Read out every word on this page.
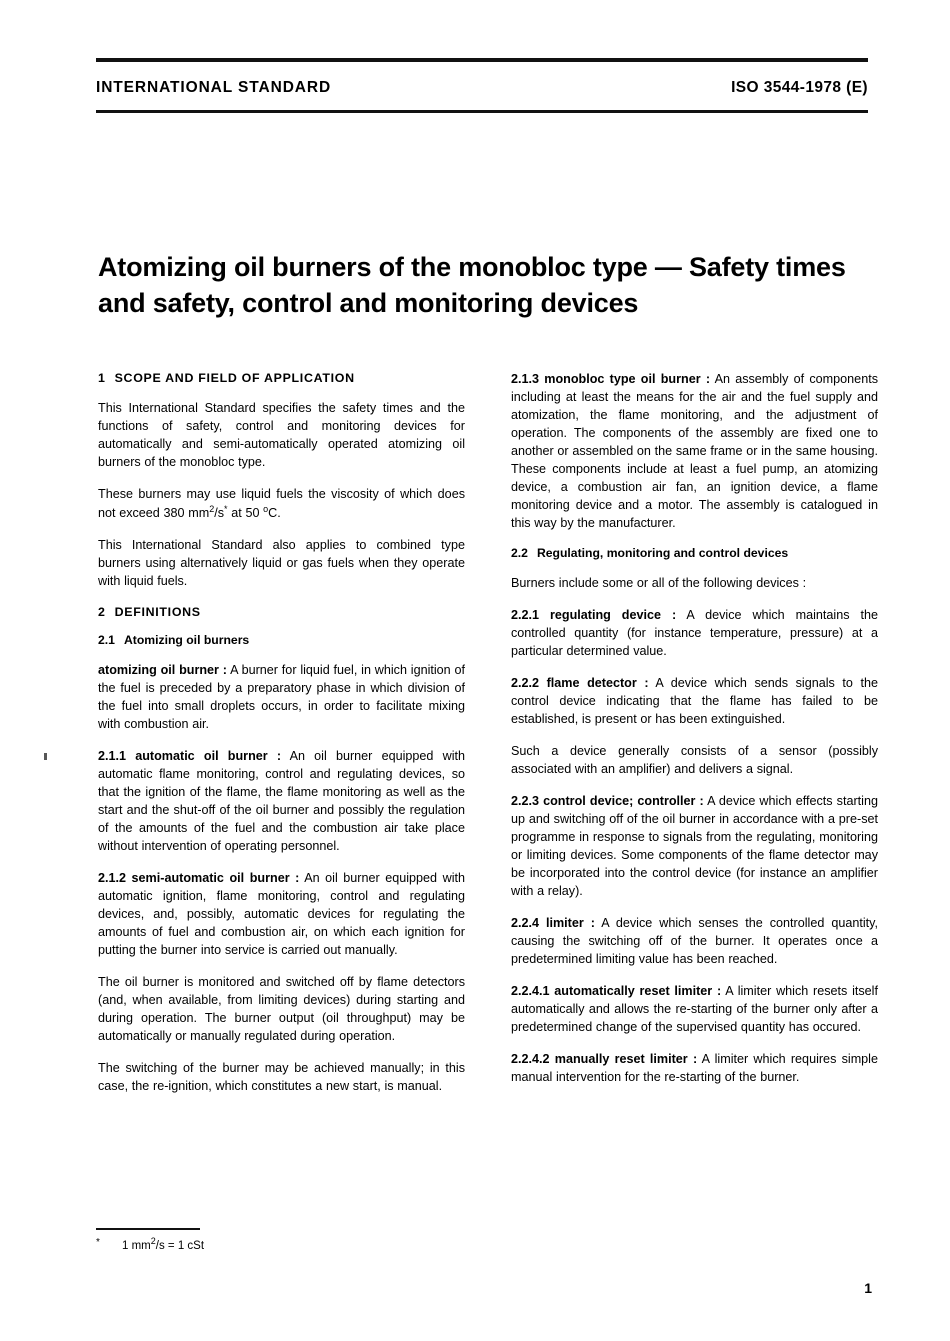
INTERNATIONAL STANDARD	ISO 3544-1978 (E)
Atomizing oil burners of the monobloc type — Safety times and safety, control and monitoring devices
1 SCOPE AND FIELD OF APPLICATION

This International Standard specifies the safety times and the functions of safety, control and monitoring devices for automatically and semi-automatically operated atomizing oil burners of the monobloc type.

These burners may use liquid fuels the viscosity of which does not exceed 380 $mm^2/s^*$ at 50 $^o$C.

This International Standard also applies to combined type burners using alternatively liquid or gas fuels when they operate with liquid fuels.

2 DEFINITIONS
2.1 Atomizing oil burners

atomizing oil burner : A burner for liquid fuel, in which ignition of the fuel is preceded by a preparatory phase in which division of the fuel into small droplets occurs, in order to facilitate mixing with combustion air.

2.1.1 automatic oil burner : An oil burner equipped with automatic flame monitoring, control and regulating devices, so that the ignition of the flame, the flame monitoring as well as the start and the shut-off of the oil burner and possibly the regulation of the amounts of the fuel and the combustion air take place without intervention of operating personnel.

2.1.2 semi-automatic oil burner : An oil burner equipped with automatic ignition, flame monitoring, control and regulating devices, and, possibly, automatic devices for regulating the amounts of fuel and combustion air, on which each ignition for putting the burner into service is carried out manually.

The oil burner is monitored and switched off by flame detectors (and, when available, from limiting devices) during starting and during operation. The burner output (oil throughput) may be automatically or manually regulated during operation.

The switching of the burner may be achieved manually; in this case, the re-ignition, which constitutes a new start, is manual.

2.1.3 monobloc type oil burner : An assembly of components including at least the means for the air and the fuel supply and atomization, the flame monitoring, and the adjustment of operation. The components of the assembly are fixed one to another or assembled on the same frame or in the same housing. These components include at least a fuel pump, an atomizing device, a combustion air fan, an ignition device, a flame monitoring device and a motor. The assembly is catalogued in this way by the manufacturer.

2.2 Regulating, monitoring and control devices

Burners include some or all of the following devices :

2.2.1 regulating device : A device which maintains the controlled quantity (for instance temperature, pressure) at a particular determined value.

2.2.2 flame detector : A device which sends signals to the control device indicating that the flame has failed to be established, is present or has been extinguished.

Such a device generally consists of a sensor (possibly associated with an amplifier) and delivers a signal.

2.2.3 control device; controller : A device which effects starting up and switching off of the oil burner in accordance with a pre-set programme in response to signals from the regulating, monitoring or limiting devices. Some components of the flame detector may be incorporated into the control device (for instance an amplifier with a relay).

2.2.4 limiter : A device which senses the controlled quantity, causing the switching off of the burner. It operates once a predetermined limiting value has been reached.

2.2.4.1 automatically reset limiter : A limiter which resets itself automatically and allows the re-starting of the burner only after a predetermined change of the supervised quantity has occured.

2.2.4.2 manually reset limiter : A limiter which requires simple manual intervention for the re-starting of the burner.

* 1 $mm^2/s = 1$ cSt
1
